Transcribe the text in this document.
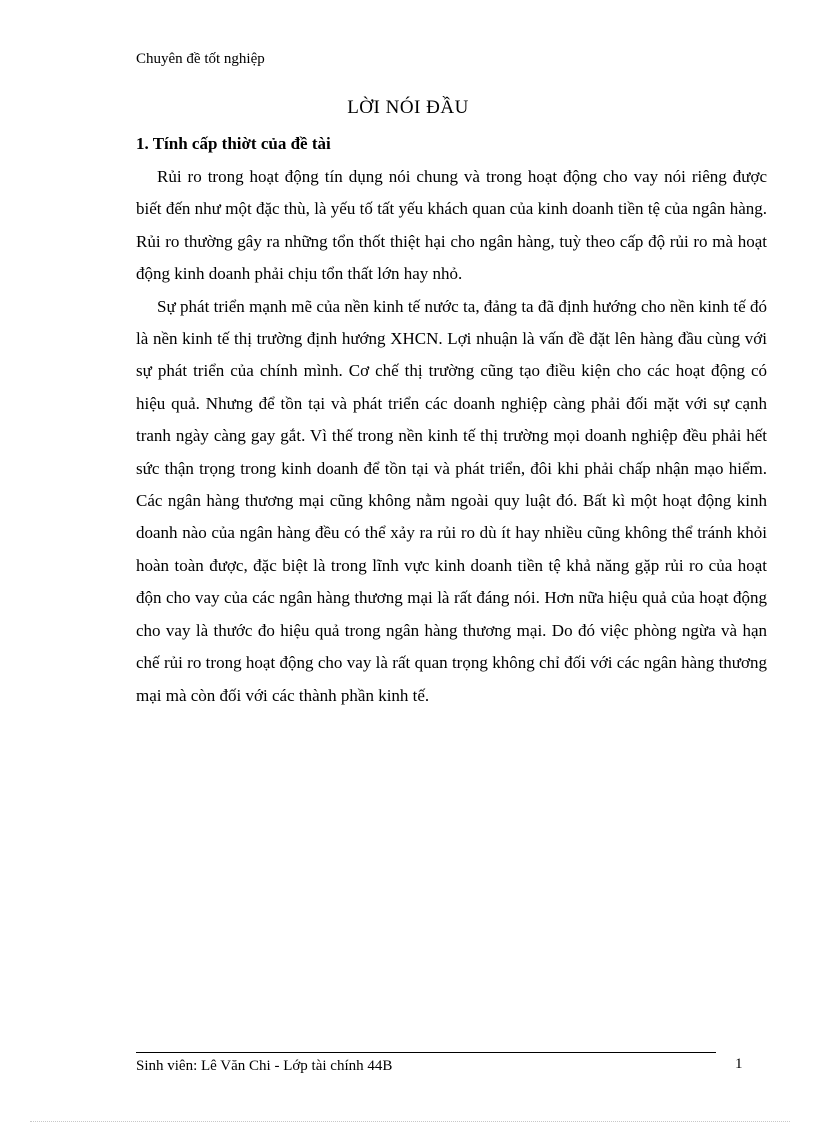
Chuyên đề tốt nghiệp
LỜI NÓI ĐẦU
1. Tính cấp thiờt của đề tài

Rủi ro trong hoạt động tín dụng nói chung và trong hoạt động cho vay nói riêng được biết đến như một đặc thù, là yếu tố tất yếu khách quan của kinh doanh tiền tệ của ngân hàng. Rủi ro thường gây ra những tổn thốt thiệt hại cho ngân hàng, tuỳ theo cấp độ rủi ro mà hoạt động kinh doanh phải chịu tổn thất lớn hay nhỏ.

Sự phát triển mạnh mẽ của nền kinh tế nước ta, đảng ta đã định hướng cho nền kinh tế đó là nền kinh tế thị trường định hướng XHCN. Lợi nhuận là vấn đề đặt lên hàng đầu cùng với sự phát triển của chính mình. Cơ chế thị trường cũng tạo điều kiện cho các hoạt động có hiệu quả. Nhưng để tồn tại và phát triển các doanh nghiệp càng phải đối mặt với sự cạnh tranh ngày càng gay gắt. Vì thế trong nền kinh tế thị trường mọi doanh nghiệp đều phải hết sức thận trọng trong kinh doanh để tồn tại và phát triển, đôi khi phải chấp nhận mạo hiểm. Các ngân hàng thương mại cũng không nằm ngoài quy luật đó. Bất kì một hoạt động kinh doanh nào của ngân hàng đều có thể xảy ra rủi ro dù ít hay nhiều cũng không thể tránh khỏi hoàn toàn được, đặc biệt là trong lĩnh vực kinh doanh tiền tệ khả năng gặp rủi ro của hoạt độn cho vay của các ngân hàng thương mại là rất đáng nói. Hơn nữa hiệu quả của hoạt động cho vay là thước đo hiệu quả trong ngân hàng thương mại. Do đó việc phòng ngừa và hạn chế rủi ro trong hoạt động cho vay là rất quan trọng không chỉ đối với các ngân hàng thương mại mà còn đối với các thành phần kinh tế.

Sinh viên: Lê Văn Chi - Lớp tài chính 44B	1
